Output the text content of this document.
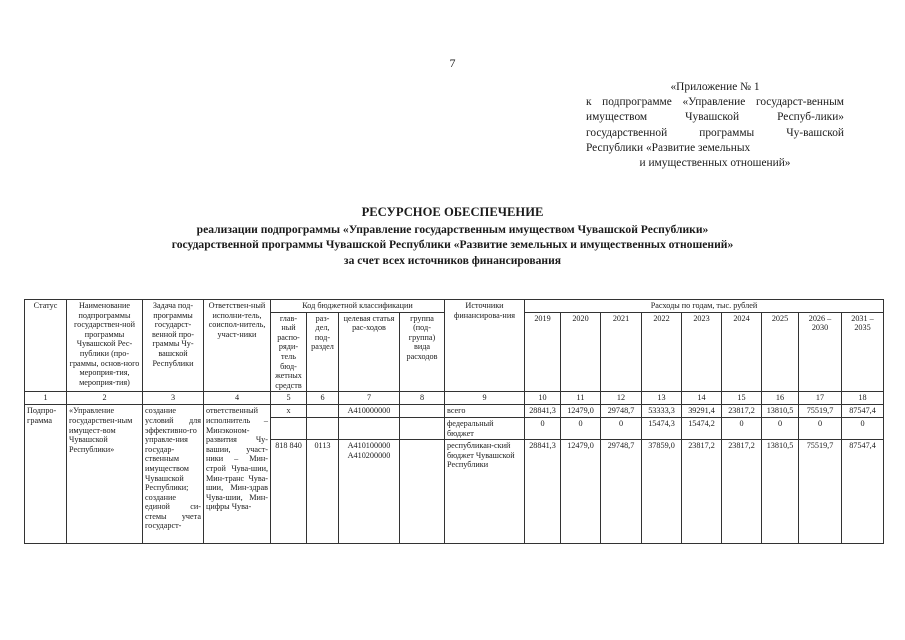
7
«Приложение № 1
к подпрограмме «Управление государст-венным имуществом Чувашской Респуб-лики» государственной программы Чу-вашской Республики «Развитие земельных
и имущественных отношений»
РЕСУРСНОЕ ОБЕСПЕЧЕНИЕ
реализации подпрограммы «Управление государственным имуществом Чувашской Республики»
государственной программы Чувашской Республики «Развитие земельных и имущественных отношений»
за счет всех источников финансирования
Статус	Наименование подпрограммы государствен-ной программы Чувашской Рес-публики (про-граммы, основ-ного мероприя-тия, мероприя-тия)	Задача под-программы государст-венной про-граммы Чу-вашской Республики	Ответствен-ный исполни-тель, соиспол-нитель, участ-ники	Код бюджетной классификации				Источники финансирова-ния	Расходы по годам, тыс. рублей								
				глав-ный распо-ряди-тель бюд-жетных средств	раз-дел, под-раздел	целевая статья рас-ходов	группа (под-группа) вида расходов		2019	2020	2021	2022	2023	2024	2025	2026 – 2030	2031 – 2035
1	2	3	4	5	6	7	8	9	10	11	12	13	14	15	16	17	18
Подпро-грамма	«Управление государствен-ным имущест-вом Чувашской Республики»	создание условий для эффективно-го управле-ния государ-ственным имуществом Чувашской Республики; создание единой си-стемы учета государст-	ответственный исполнитель – Минэконом-развития Чу-вашии, участ-ники – Мин-строй Чува-шии, Мин-транс Чува-шии, Мин-здрав Чува-шии, Мин-цифры Чува-	x		А410000000		всего	28841,3	12479,0	29748,7	53333,3	39291,4	23817,2	13810,5	75519,7	87547,4
								федеральный бюджет	0	0	0	15474,3	15474,2	0	0	0	0
				818 840	0113	А410100000 А410200000		республикан-ский бюджет Чувашской Республики	28841,3	12479,0	29748,7	37859,0	23817,2	23817,2	13810,5	75519,7	87547,4
